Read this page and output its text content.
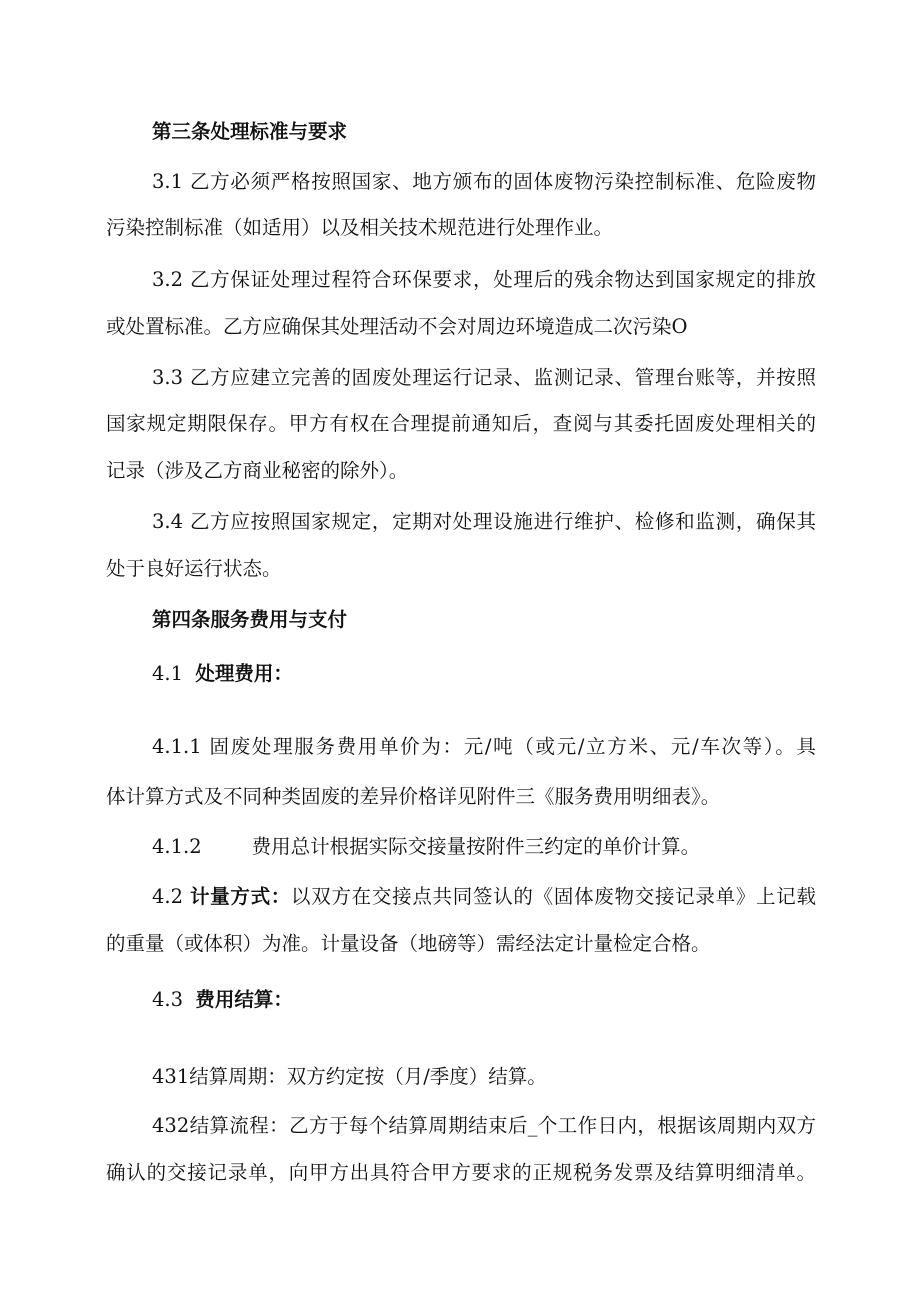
第三条处理标准与要求
3.1 乙方必须严格按照国家、地方颁布的固体废物污染控制标准、危险废物
污染控制标准（如适用）以及相关技术规范进行处理作业。
3.2 乙方保证处理过程符合环保要求，处理后的残余物达到国家规定的排放
或处置标准。乙方应确保其处理活动不会对周边环境造成二次污染O
3.3 乙方应建立完善的固废处理运行记录、监测记录、管理台账等，并按照
国家规定期限保存。甲方有权在合理提前通知后，查阅与其委托固废处理相关的
记录（涉及乙方商业秘密的除外）。
3.4 乙方应按照国家规定，定期对处理设施进行维护、检修和监测，确保其
处于良好运行状态。
第四条服务费用与支付
4.1 处理费用：
4.1.1 固废处理服务费用单价为：元/吨（或元/立方米、元/车次等）。具
体计算方式及不同种类固废的差异价格详见附件三《服务费用明细表》。
4.1.2	费用总计根据实际交接量按附件三约定的单价计算。
4.2 计量方式：以双方在交接点共同签认的《固体废物交接记录单》上记载
的重量（或体积）为准。计量设备（地磅等）需经法定计量检定合格。
4.3 费用结算：
431结算周期：双方约定按（月/季度）结算。
432结算流程：乙方于每个结算周期结束后_个工作日内，根据该周期内双方
确认的交接记录单，向甲方出具符合甲方要求的正规税务发票及结算明细清单。
